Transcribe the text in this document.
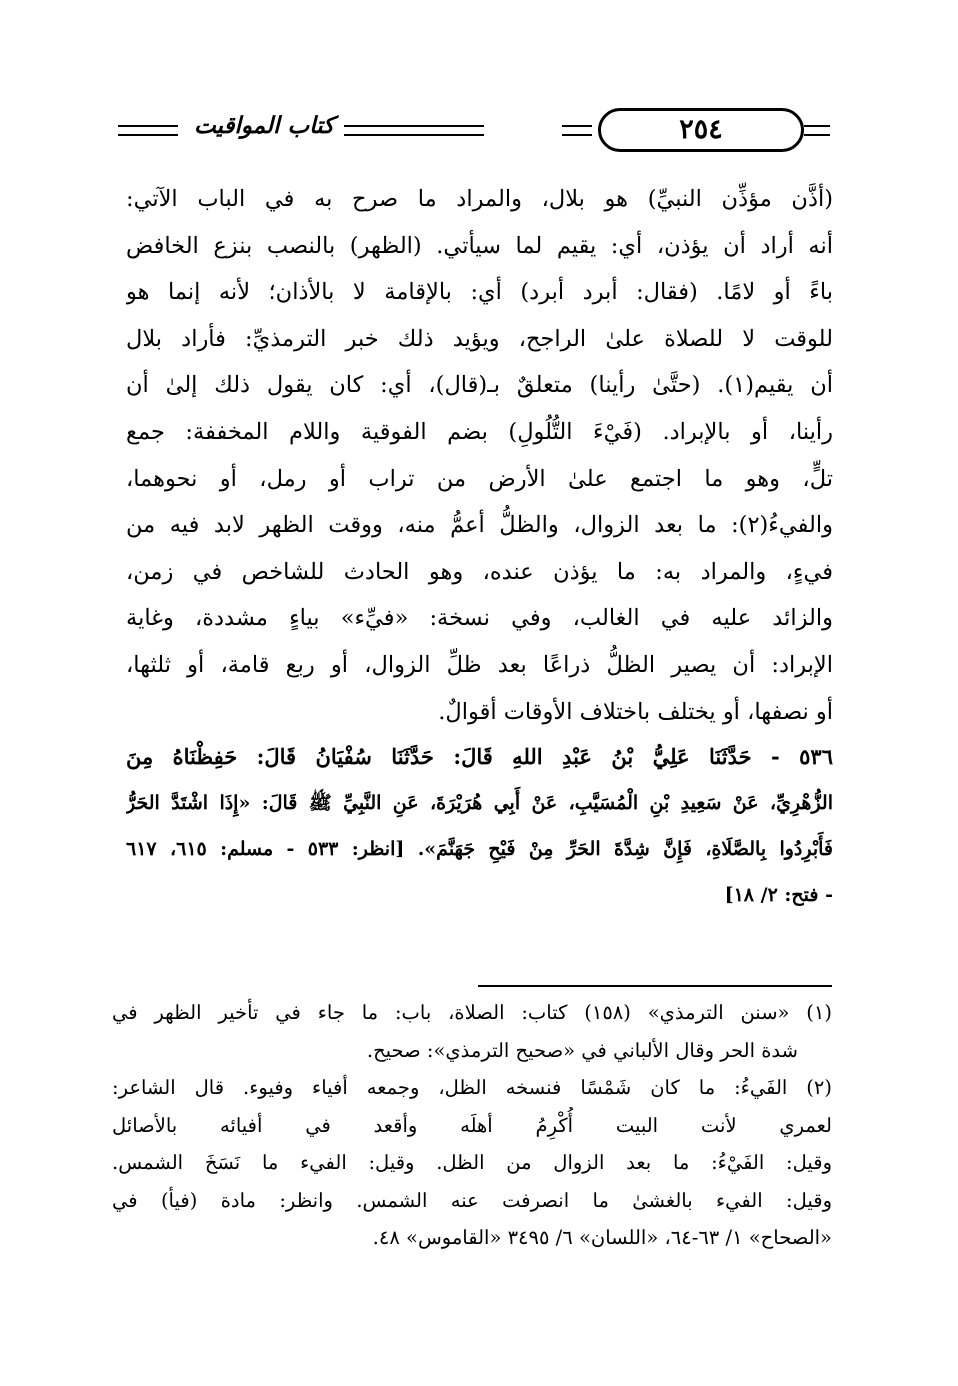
كتاب المواقيت	٢٥٤
(أذَّن مؤذِّن النبيِّ) هو بلال، والمراد ما صرح به في الباب الآتي:
أنه أراد أن يؤذن، أي: يقيم لما سيأتي. (الظهر) بالنصب بنزع الخافض
باءً أو لامًا. (فقال: أبرد أبرد) أي: بالإقامة لا بالأذان؛ لأنه إنما هو
للوقت لا للصلاة علىٰ الراجح، ويؤيد ذلك خبر الترمذيِّ: فأراد بلال
أن يقيم(١). (حتَّىٰ رأينا) متعلقٌ بـ(قال)، أي: كان يقول ذلك إلىٰ أن
رأينا، أو بالإبراد. (فَيْءَ التُّلُولِ) بضم الفوقية واللام المخففة: جمع
تلٍّ، وهو ما اجتمع علىٰ الأرض من تراب أو رمل، أو نحوهما،
والفيءُ(٢): ما بعد الزوال، والظلُّ أعمُّ منه، ووقت الظهر لابد فيه من
فيءٍ، والمراد به: ما يؤذن عنده، وهو الحادث للشاخص في زمن،
والزائد عليه في الغالب، وفي نسخة: «فيِّء» بياءٍ مشددة، وغاية
الإبراد: أن يصير الظلُّ ذراعًا بعد ظلِّ الزوال، أو ربع قامة، أو ثلثها،
أو نصفها، أو يختلف باختلاف الأوقات أقوالٌ.
٥٣٦ - حَدَّثَنَا عَلِيُّ بْنُ عَبْدِ اللهِ قَالَ: حَدَّثَنَا سُفْيَانُ قَالَ: حَفِظْنَاهُ مِنَ
الزُّهْرِيِّ، عَنْ سَعِيدِ بْنِ الْمُسَيَّبِ، عَنْ أَبِي هُرَيْرَةَ، عَنِ النَّبِيِّ ﷺ قَالَ: «إِذَا اشْتَدَّ الحَرُّ
فَأَبْرِدُوا بِالصَّلَاةِ، فَإِنَّ شِدَّةَ الحَرِّ مِنْ فَيْحِ جَهَنَّمَ». [انظر: ٥٣٣ - مسلم: ٦١٥، ٦١٧
- فتح: ٢/ ١٨]
(١) «سنن الترمذي» (١٥٨) كتاب: الصلاة، باب: ما جاء في تأخير الظهر في
شدة الحر وقال الألباني في «صحيح الترمذي»: صحيح.
(٢) الفَيءُ: ما كان شَمْسًا فنسخه الظل، وجمعه أفياء وفيوء. قال الشاعر:
لعمري لأنت البيت أُكْرِمُ أهلَه وأقعد في أفيائه بالأصائل
وقيل: الفَيْءُ: ما بعد الزوال من الظل. وقيل: الفيء ما نَسَخَ الشمس.
وقيل: الفيء بالغشىٰ ما انصرفت عنه الشمس. وانظر: مادة (فيأ) في
«الصحاح» ١/ ٦٣-٦٤، «اللسان» ٦/ ٣٤٩٥ «القاموس» ٤٨.
